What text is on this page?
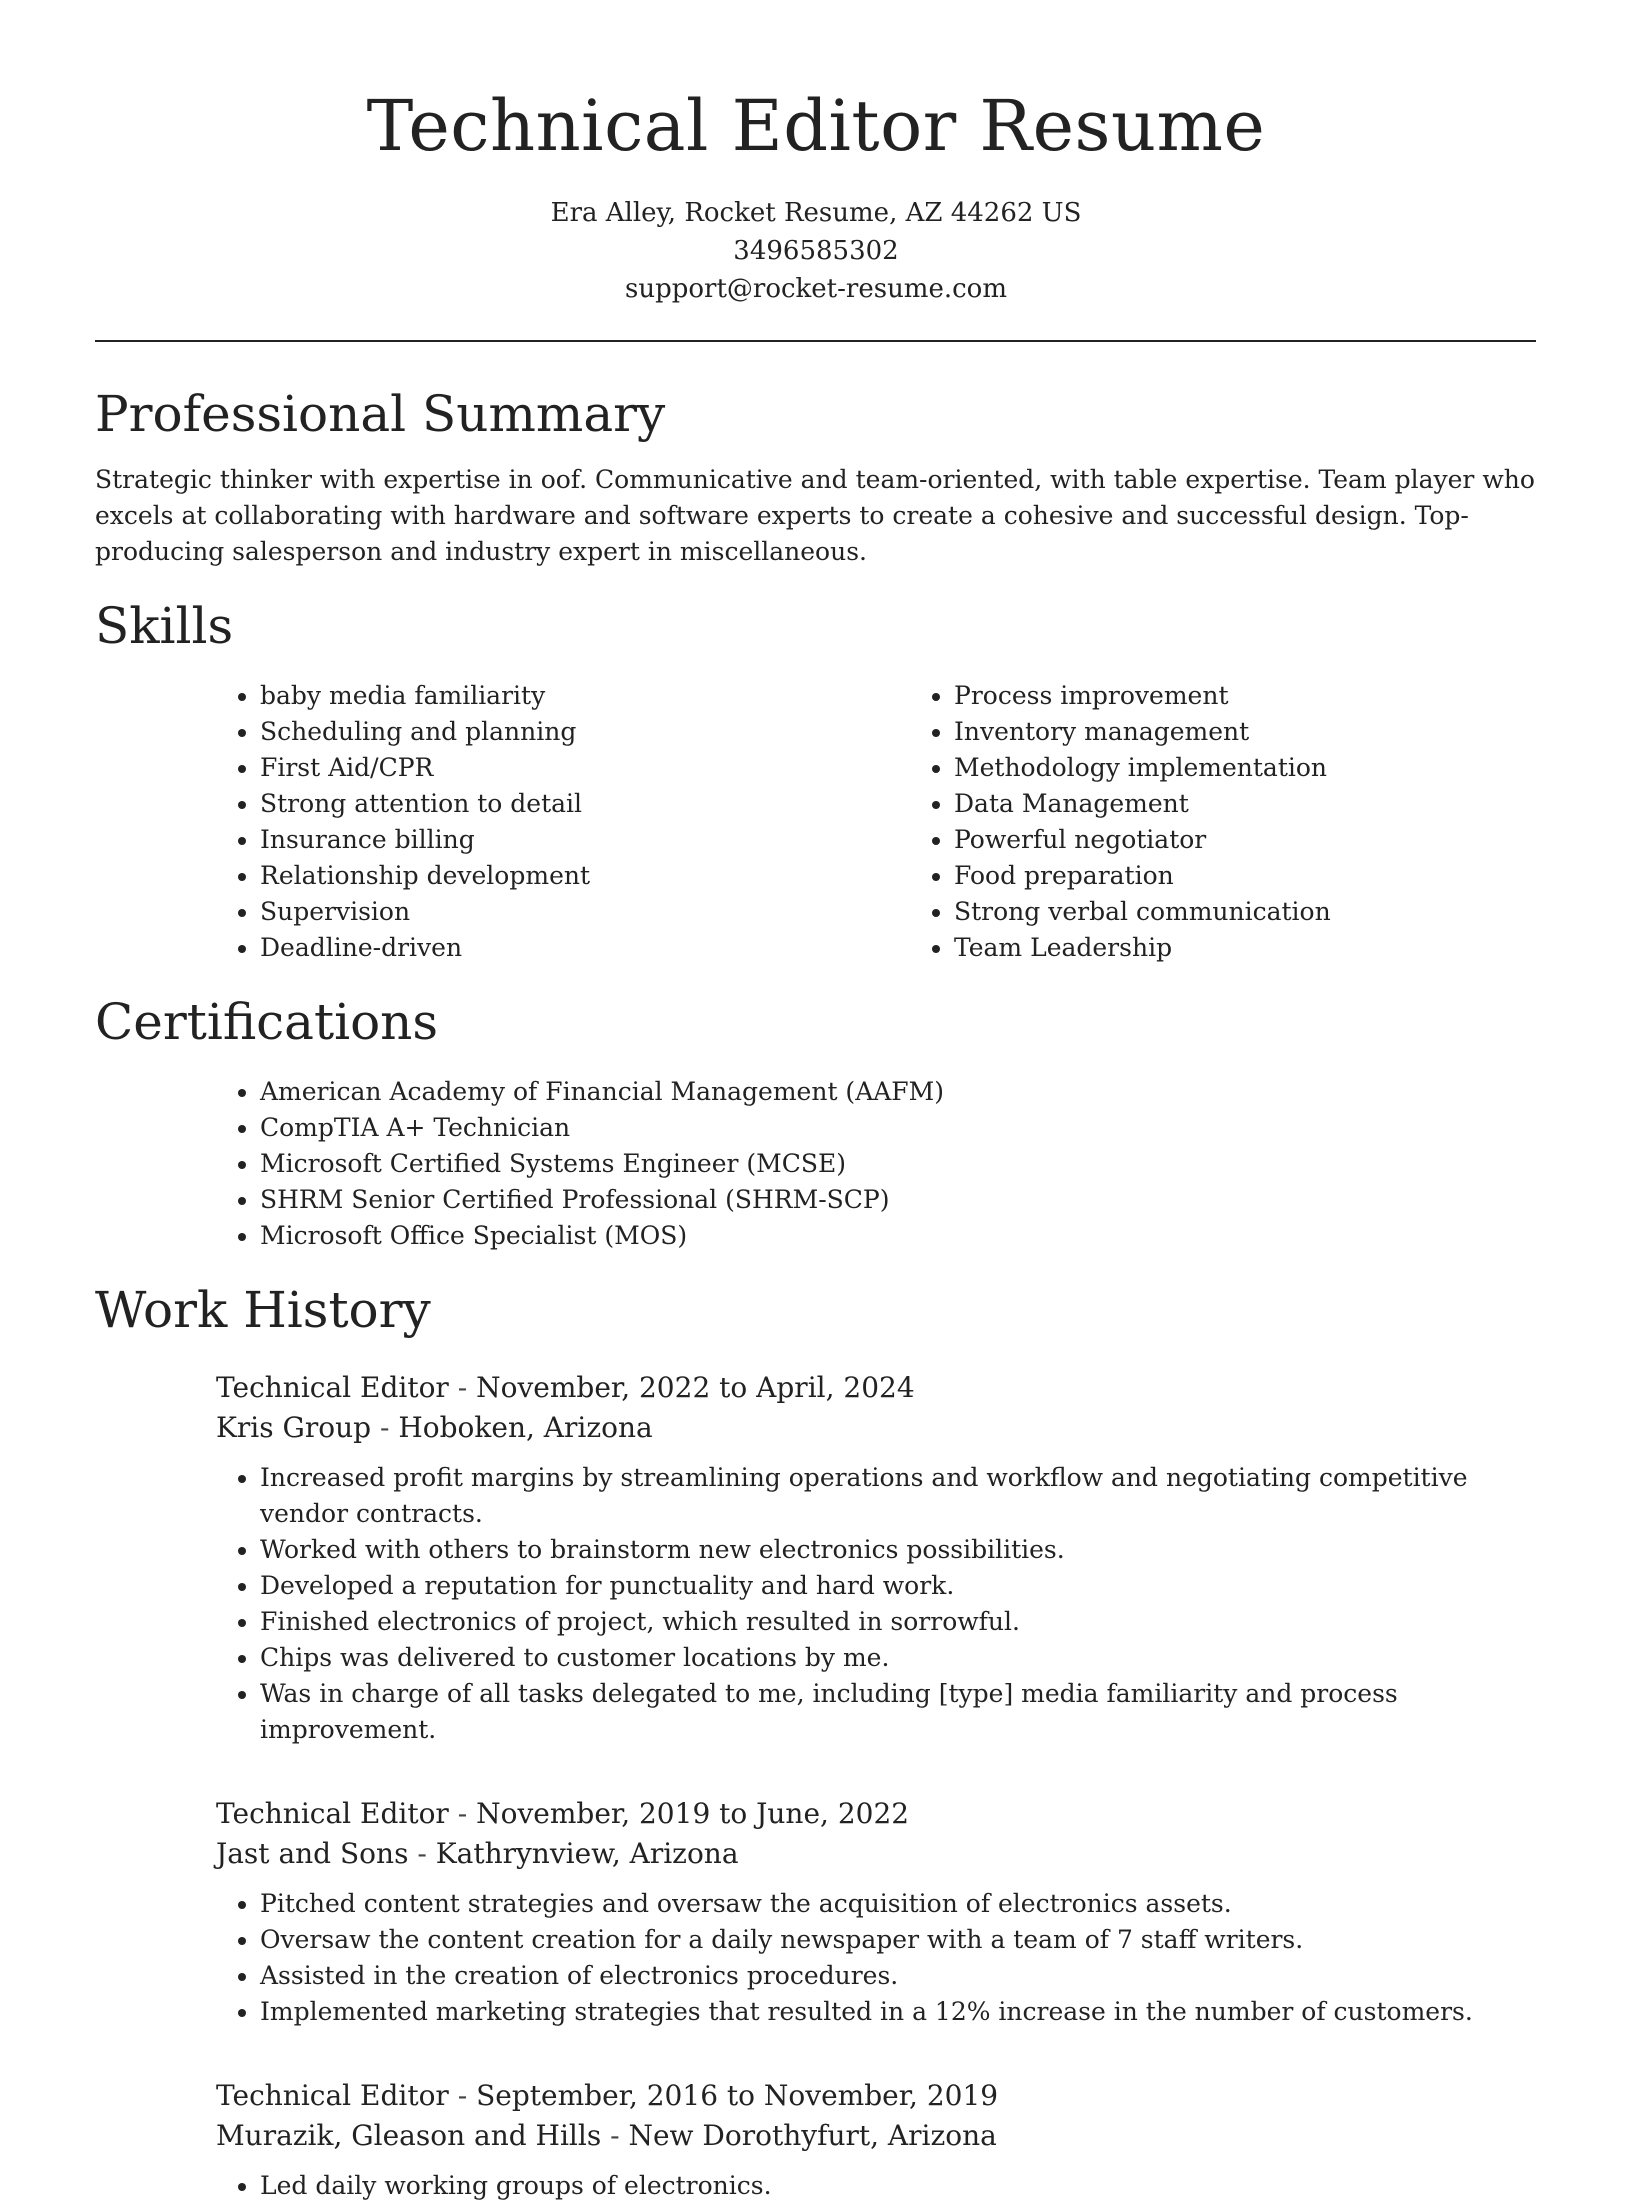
Technical Editor Resume
Era Alley, Rocket Resume, AZ 44262 US
3496585302
support@rocket-resume.com
Professional Summary

Strategic thinker with expertise in oof. Communicative and team-oriented, with table expertise. Team player who excels at collaborating with hardware and software experts to create a cohesive and successful design. Top-producing salesperson and industry expert in miscellaneous.

Skills
• baby media familiarity
• Scheduling and planning
• First Aid/CPR
• Strong attention to detail
• Insurance billing
• Relationship development
• Supervision
• Deadline-driven
• Process improvement
• Inventory management
• Methodology implementation
• Data Management
• Powerful negotiator
• Food preparation
• Strong verbal communication
• Team Leadership
Certifications
• American Academy of Financial Management (AAFM)
• CompTIA A+ Technician
• Microsoft Certified Systems Engineer (MCSE)
• SHRM Senior Certified Professional (SHRM-SCP)
• Microsoft Office Specialist (MOS)
Work History
Technical Editor - November, 2022 to April, 2024
Kris Group - Hoboken, Arizona
• Increased profit margins by streamlining operations and workflow and negotiating competitive vendor contracts.
• Worked with others to brainstorm new electronics possibilities.
• Developed a reputation for punctuality and hard work.
• Finished electronics of project, which resulted in sorrowful.
• Chips was delivered to customer locations by me.
• Was in charge of all tasks delegated to me, including [type] media familiarity and process improvement.
Technical Editor - November, 2019 to June, 2022
Jast and Sons - Kathrynview, Arizona
• Pitched content strategies and oversaw the acquisition of electronics assets.
• Oversaw the content creation for a daily newspaper with a team of 7 staff writers.
• Assisted in the creation of electronics procedures.
• Implemented marketing strategies that resulted in a 12% increase in the number of customers.
Technical Editor - September, 2016 to November, 2019
Murazik, Gleason and Hills - New Dorothyfurt, Arizona
• Led daily working groups of electronics.
